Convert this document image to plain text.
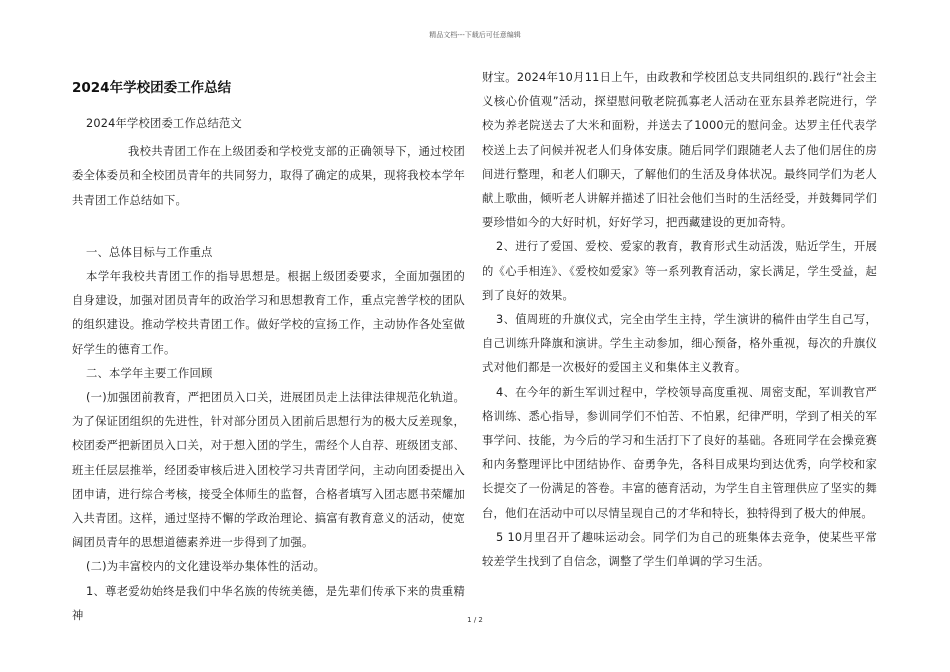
精品文档---下载后可任意编辑
2024年学校团委工作总结

2024年学校团委工作总结范文

我校共青团工作在上级团委和学校党支部的正确领导下，通过校团委全体委员和全校团员青年的共同努力，取得了确定的成果，现将我校本学年共青团工作总结如下。

一、总体目标与工作重点

本学年我校共青团工作的指导思想是。根据上级团委要求，全面加强团的自身建设，加强对团员青年的政治学习和思想教育工作，重点完善学校的团队的组织建设。推动学校共青团工作。做好学校的宣扬工作，主动协作各处室做好学生的德育工作。

二、本学年主要工作回顾

(一)加强团前教育，严把团员入口关，进展团员走上法律法律规范化轨道。为了保证团组织的先进性，针对部分团员入团前后思想行为的极大反差现象，校团委严把新团员入口关，对于想入团的学生，需经个人自荐、班级团支部、班主任层层推举，经团委审核后进入团校学习共青团学问，主动向团委提出入团申请，进行综合考核，接受全体师生的监督，合格者填写入团志愿书荣耀加入共青团。这样，通过坚持不懈的学政治理论、搞富有教育意义的活动，使宽阔团员青年的思想道德素养进一步得到了加强。

(二)为丰富校内的文化建设举办集体性的活动。

1、尊老爱幼始终是我们中华名族的传统美德，是先辈们传承下来的贵重精神

财宝。2024年10月11日上午，由政教和学校团总支共同组织的.践行“社会主义核心价值观”活动，探望慰问敬老院孤寡老人活动在亚东县养老院进行，学校为养老院送去了大米和面粉，并送去了1000元的慰问金。达罗主任代表学校送上去了问候并祝老人们身体安康。随后同学们跟随老人去了他们居住的房间进行整理，和老人们聊天，了解他们的生活及身体状况。最终同学们为老人献上歌曲，倾听老人讲解并描述了旧社会他们当时的生活经受，并鼓舞同学们要珍惜如今的大好时机，好好学习，把西藏建设的更加奇特。

2、进行了爱国、爱校、爱家的教育，教育形式生动活泼，贴近学生，开展的《心手相连》、《爱校如爱家》等一系列教育活动，家长满足，学生受益，起到了良好的效果。

3、值周班的升旗仪式，完全由学生主持，学生演讲的稿件由学生自己写，自己训练升降旗和演讲。学生主动参加，细心预备，格外重视，每次的升旗仪式对他们都是一次极好的爱国主义和集体主义教育。

4、在今年的新生军训过程中，学校领导高度重视、周密支配，军训教官严格训练、悉心指导，参训同学们不怕苦、不怕累，纪律严明，学到了相关的军事学问、技能，为今后的学习和生活打下了良好的基础。各班同学在会操竞赛和内务整理评比中团结协作、奋勇争先，各科目成果均到达优秀，向学校和家长提交了一份满足的答卷。丰富的德育活动，为学生自主管理供应了坚实的舞台，他们在活动中可以尽情呈现自己的才华和特长，独特得到了极大的伸展。

5 10月里召开了趣味运动会。同学们为自己的班集体去竞争，使某些平常较差学生找到了自信念，调整了学生们单调的学习生活。

1 / 2
